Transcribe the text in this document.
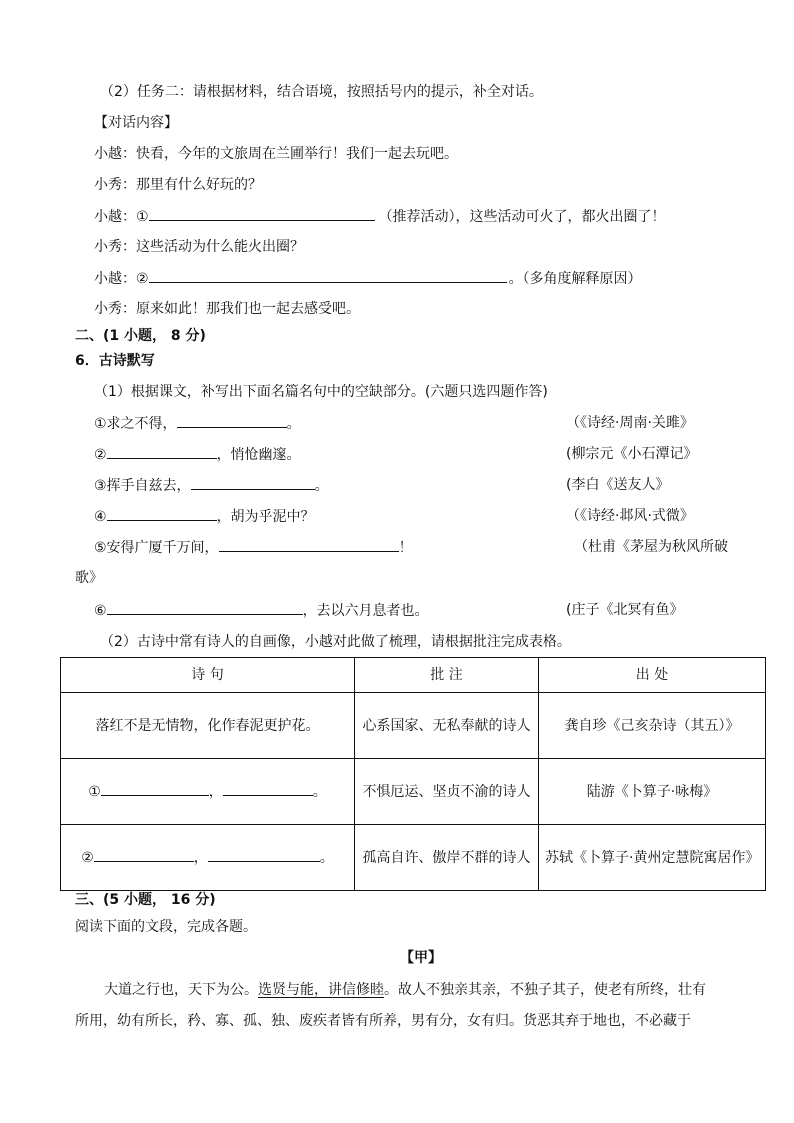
（2）任务二：请根据材料，结合语境，按照括号内的提示，补全对话。
【对话内容】
小越：快看，今年的文旅周在兰圃举行！我们一起去玩吧。
小秀：那里有什么好玩的？
小越：①	（推荐活动），这些活动可火了，都火出圈了！
小秀：这些活动为什么能火出圈？
小越：②	。（多角度解释原因）
小秀：原来如此！那我们也一起去感受吧。
二、(1 小题， 8 分)
6．古诗默写
（1）根据课文，补写出下面名篇名句中的空缺部分。(六题只选四题作答)
①求之不得，	。	（《诗经·周南·关雎》
②	，悄怆幽邃。	(柳宗元《小石潭记》
③挥手自兹去，	。	(李白《送友人》
④	，胡为乎泥中？	（《诗经·邶风·式微》
⑤安得广厦千万间，	！	（杜甫《茅屋为秋风所破
歌》
⑥	，去以六月息者也。	(庄子《北冥有鱼》
（2）古诗中常有诗人的自画像，小越对此做了梳理，请根据批注完成表格。
诗 句	批 注	出 处
落红不是无情物，化作春泥更护花。	心系国家、无私奉献的诗人	龚自珍《己亥杂诗（其五）》
① ， 。	不惧厄运、坚贞不渝的诗人	陆游《卜算子·咏梅》
② ， 。	孤高自许、傲岸不群的诗人	苏轼《卜算子·黄州定慧院寓居作》
三、(5 小题， 16 分)
阅读下面的文段，完成各题。
【甲】
大道之行也，天下为公。选贤与能，讲信修睦。故人不独亲其亲，不独子其子，使老有所终，壮有
所用，幼有所长，矜、寡、孤、独、废疾者皆有所养，男有分，女有归。货恶其弃于地也，不必藏于
